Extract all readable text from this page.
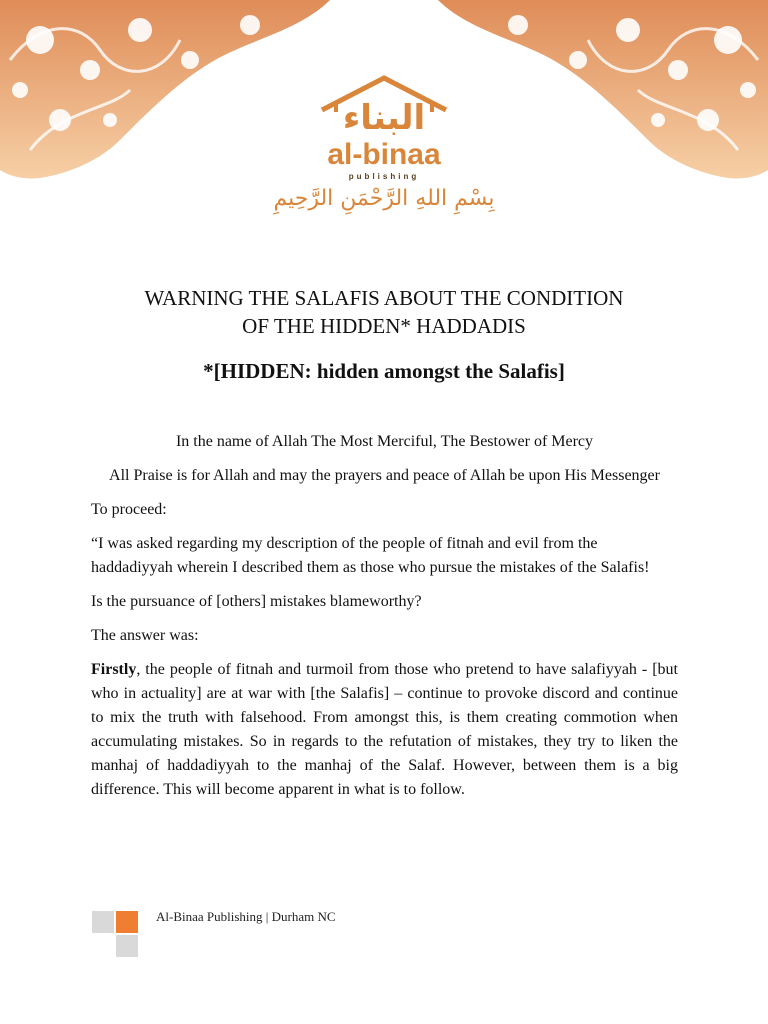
البناء
al-binaa
publishing
بِسْمِ اللهِ الرَّحْمَنِ الرَّحِيمِ
WARNING THE SALAFIS ABOUT THE CONDITION
OF THE HIDDEN* HADDADIS
*[HIDDEN: hidden amongst the Salafis]

In the name of Allah The Most Merciful, The Bestower of Mercy

All Praise is for Allah and may the prayers and peace of Allah be upon His Messenger

To proceed:

“I was asked regarding my description of the people of fitnah and evil from the haddadiyyah wherein I described them as those who pursue the mistakes of the Salafis!

Is the pursuance of [others] mistakes blameworthy?

The answer was:

Firstly, the people of fitnah and turmoil from those who pretend to have salafiyyah - [but who in actuality] are at war with [the Salafis] – continue to provoke discord and continue to mix the truth with falsehood. From amongst this, is them creating commotion when accumulating mistakes. So in regards to the refutation of mistakes, they try to liken the manhaj of haddadiyyah to the manhaj of the Salaf. However, between them is a big difference. This will become apparent in what is to follow.

Al-Binaa Publishing | Durham NC
